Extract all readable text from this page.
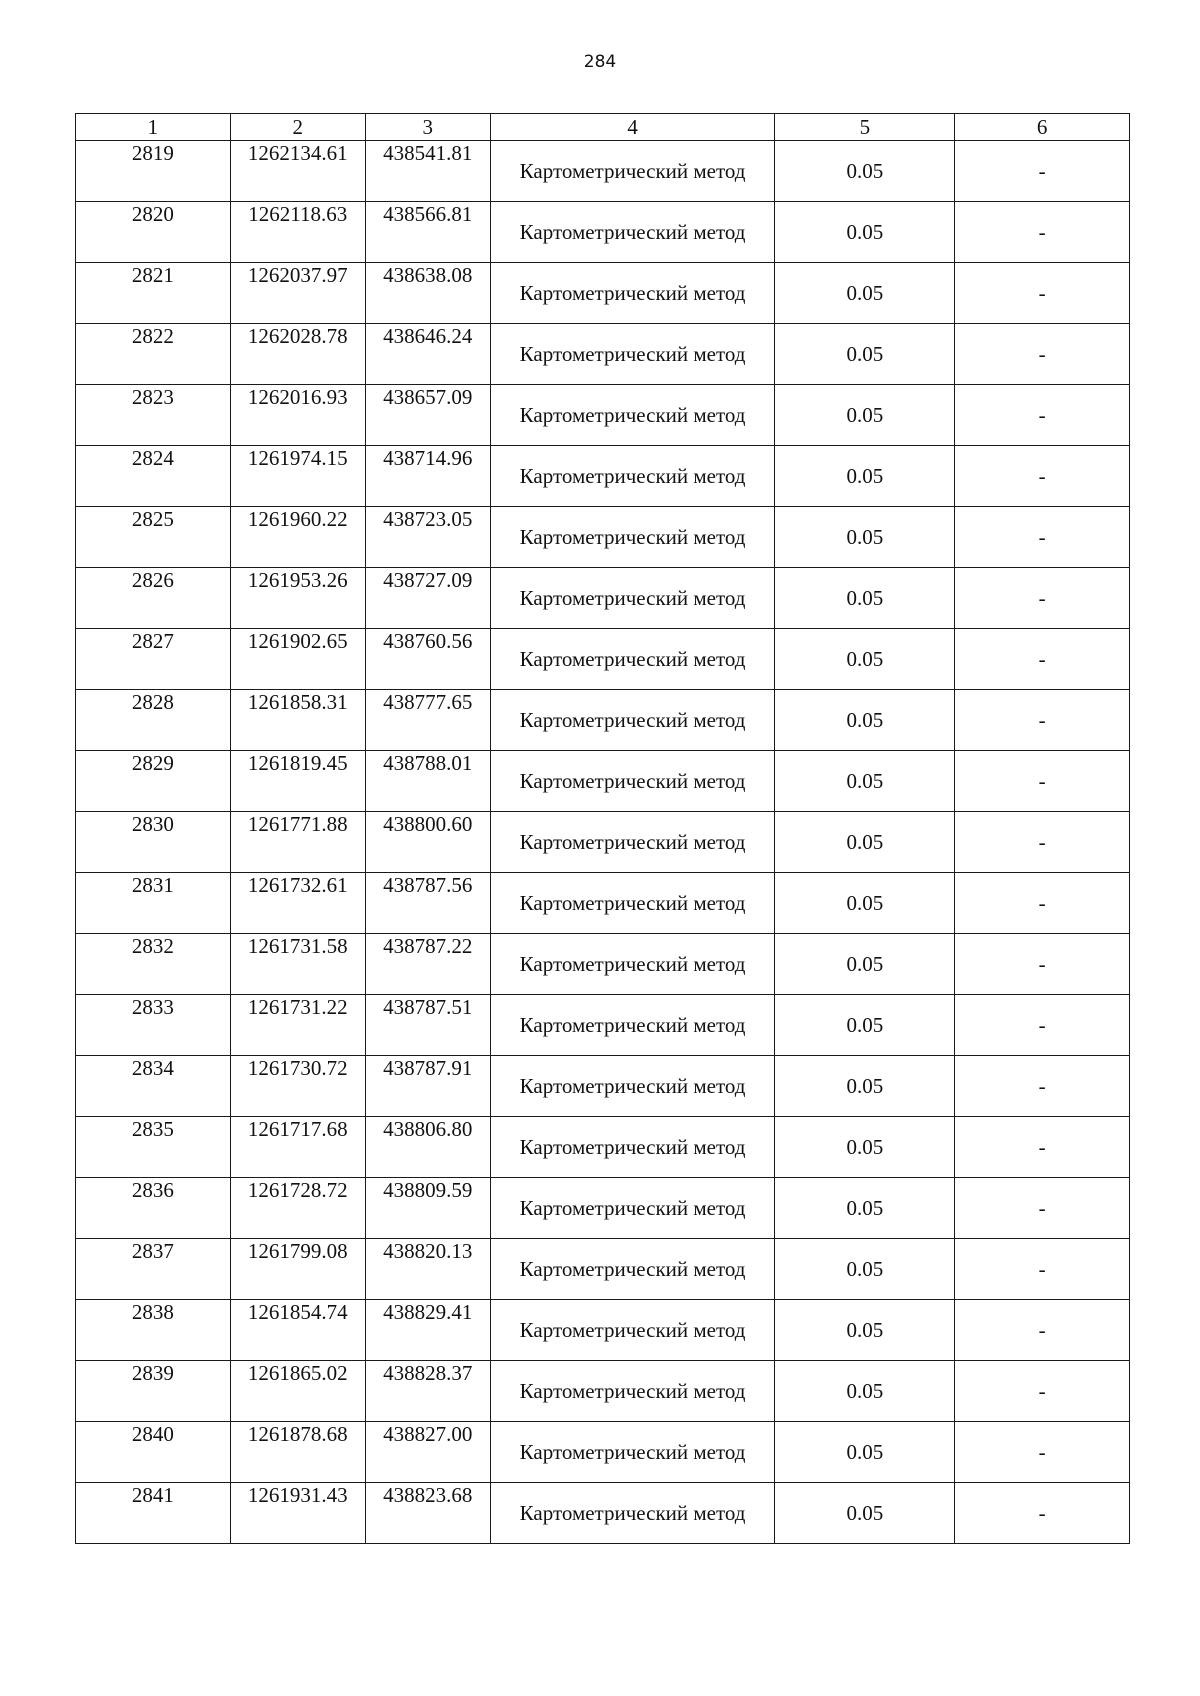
284
1	2	3	4	5	6
2819	1262134.61	438541.81	Картометрический метод	0.05	-
2820	1262118.63	438566.81	Картометрический метод	0.05	-
2821	1262037.97	438638.08	Картометрический метод	0.05	-
2822	1262028.78	438646.24	Картометрический метод	0.05	-
2823	1262016.93	438657.09	Картометрический метод	0.05	-
2824	1261974.15	438714.96	Картометрический метод	0.05	-
2825	1261960.22	438723.05	Картометрический метод	0.05	-
2826	1261953.26	438727.09	Картометрический метод	0.05	-
2827	1261902.65	438760.56	Картометрический метод	0.05	-
2828	1261858.31	438777.65	Картометрический метод	0.05	-
2829	1261819.45	438788.01	Картометрический метод	0.05	-
2830	1261771.88	438800.60	Картометрический метод	0.05	-
2831	1261732.61	438787.56	Картометрический метод	0.05	-
2832	1261731.58	438787.22	Картометрический метод	0.05	-
2833	1261731.22	438787.51	Картометрический метод	0.05	-
2834	1261730.72	438787.91	Картометрический метод	0.05	-
2835	1261717.68	438806.80	Картометрический метод	0.05	-
2836	1261728.72	438809.59	Картометрический метод	0.05	-
2837	1261799.08	438820.13	Картометрический метод	0.05	-
2838	1261854.74	438829.41	Картометрический метод	0.05	-
2839	1261865.02	438828.37	Картометрический метод	0.05	-
2840	1261878.68	438827.00	Картометрический метод	0.05	-
2841	1261931.43	438823.68	Картометрический метод	0.05	-
